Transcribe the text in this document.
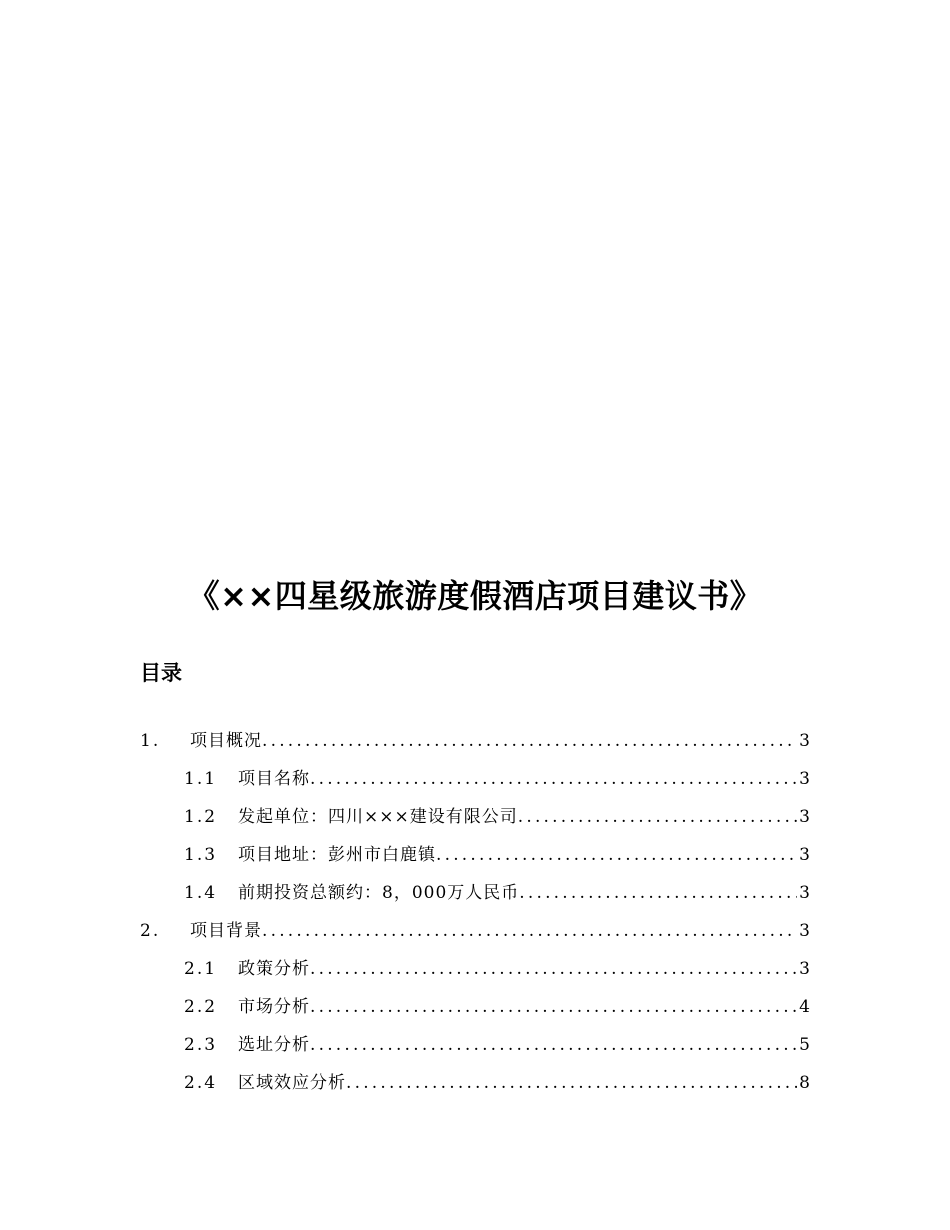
《××四星级旅游度假酒店项目建议书》
目录
1.	项目概况 .....	3
1.1	项目名称 .....	3
1.2	发起单位：四川×××建设有限公司 .....	3
1.3	项目地址：彭州市白鹿镇 .....	3
1.4	前期投资总额约：8，000万人民币 .....	3
2.	项目背景 .....	3
2.1	政策分析 .....	3
2.2	市场分析 .....	4
2.3	选址分析 .....	5
2.4	区域效应分析 .....	8
